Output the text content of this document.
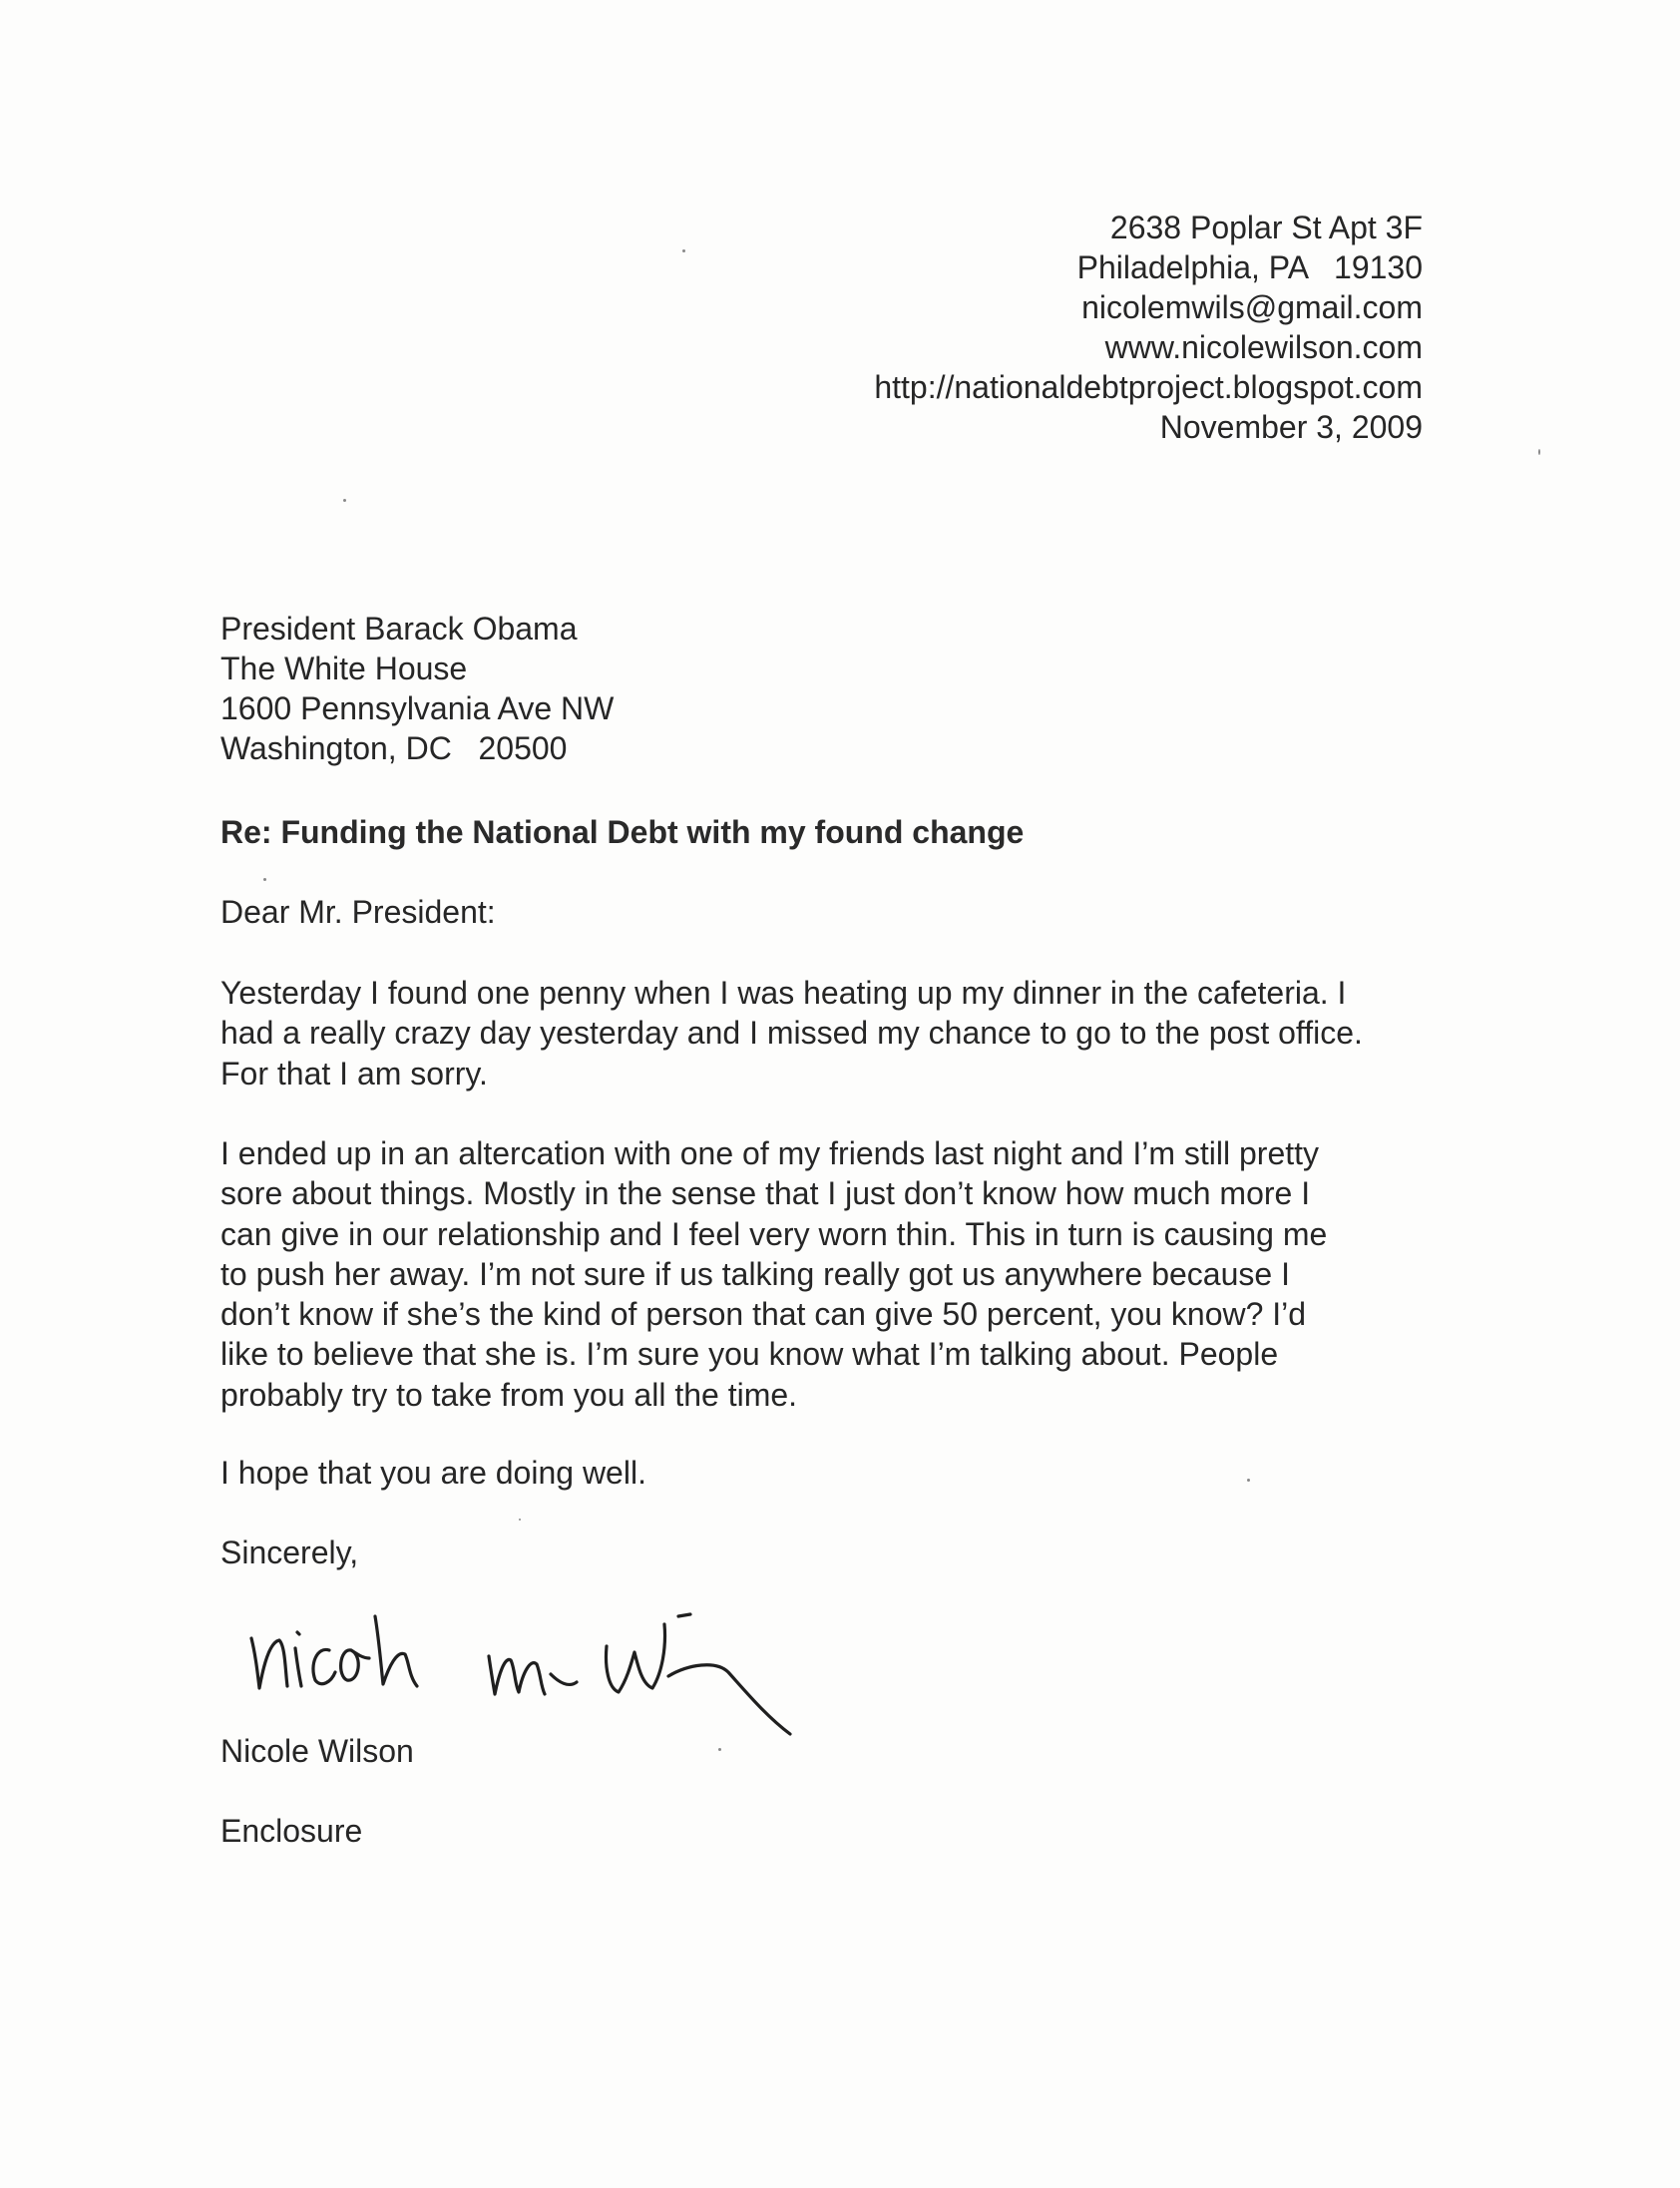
2638 Poplar St Apt 3F
Philadelphia, PA   19130
nicolemwils@gmail.com
www.nicolewilson.com
http://nationaldebtproject.blogspot.com
November 3, 2009
President Barack Obama
The White House
1600 Pennsylvania Ave NW
Washington, DC   20500
Re: Funding the National Debt with my found change
Dear Mr. President:
Yesterday I found one penny when I was heating up my dinner in the cafeteria. I
had a really crazy day yesterday and I missed my chance to go to the post office.
For that I am sorry.
I ended up in an altercation with one of my friends last night and I’m still pretty
sore about things. Mostly in the sense that I just don’t know how much more I
can give in our relationship and I feel very worn thin. This in turn is causing me
to push her away. I’m not sure if us talking really got us anywhere because I
don’t know if she’s the kind of person that can give 50 percent, you know? I’d
like to believe that she is. I’m sure you know what I’m talking about. People
probably try to take from you all the time.
I hope that you are doing well.
Sincerely,
Nicole Wilson
Enclosure
